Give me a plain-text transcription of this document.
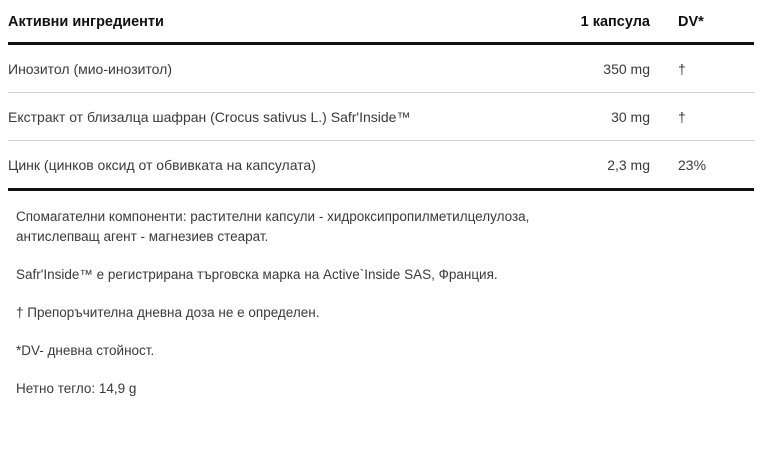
Активни ингредиенти	1 капсула	DV*
Инозитол (мио-инозитол)	350 mg	†
Екстракт от близалца шафран (Crocus sativus L.) Safr'Inside™	30 mg	†
Цинк (цинков оксид от обвивката на капсулата)	2,3 mg	23%

Спомагателни компоненти: растителни капсули - хидроксипропилметилцелулоза,

антислепващ агент - магнезиев стеарат.

Safr'Inside™ е регистрирана търговска марка на Active`Inside SAS, Франция.

† Препоръчителна дневна доза не е определен.

*DV- дневна стойност.

Нетно тегло: 14,9 g
